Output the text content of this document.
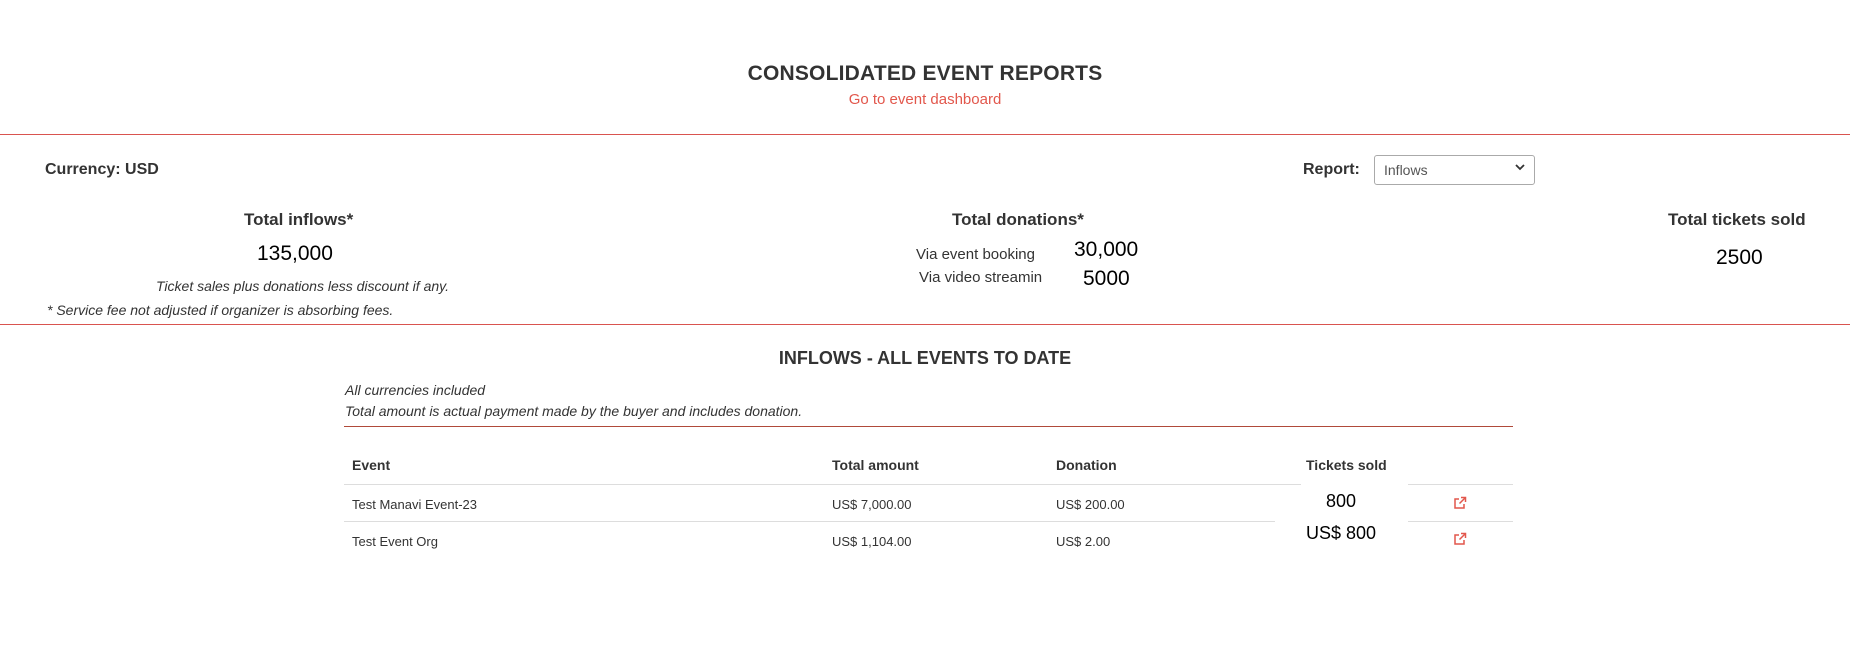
CONSOLIDATED EVENT REPORTS
Go to event dashboard
Currency: USD	Report: Inflows
Total inflows*
135,000
Ticket sales plus donations less discount if any.
* Service fee not adjusted if organizer is absorbing fees.
Total donations*
Via event booking 30,000
Via video streamin 5000
Total tickets sold
2500
INFLOWS - ALL EVENTS TO DATE
All currencies included
Total amount is actual payment made by the buyer and includes donation.
Event	Total amount	Donation	Tickets sold
Test Manavi Event-23	US$ 7,000.00	US$ 200.00	800
Test Event Org	US$ 1,104.00	US$ 2.00	US$ 800
